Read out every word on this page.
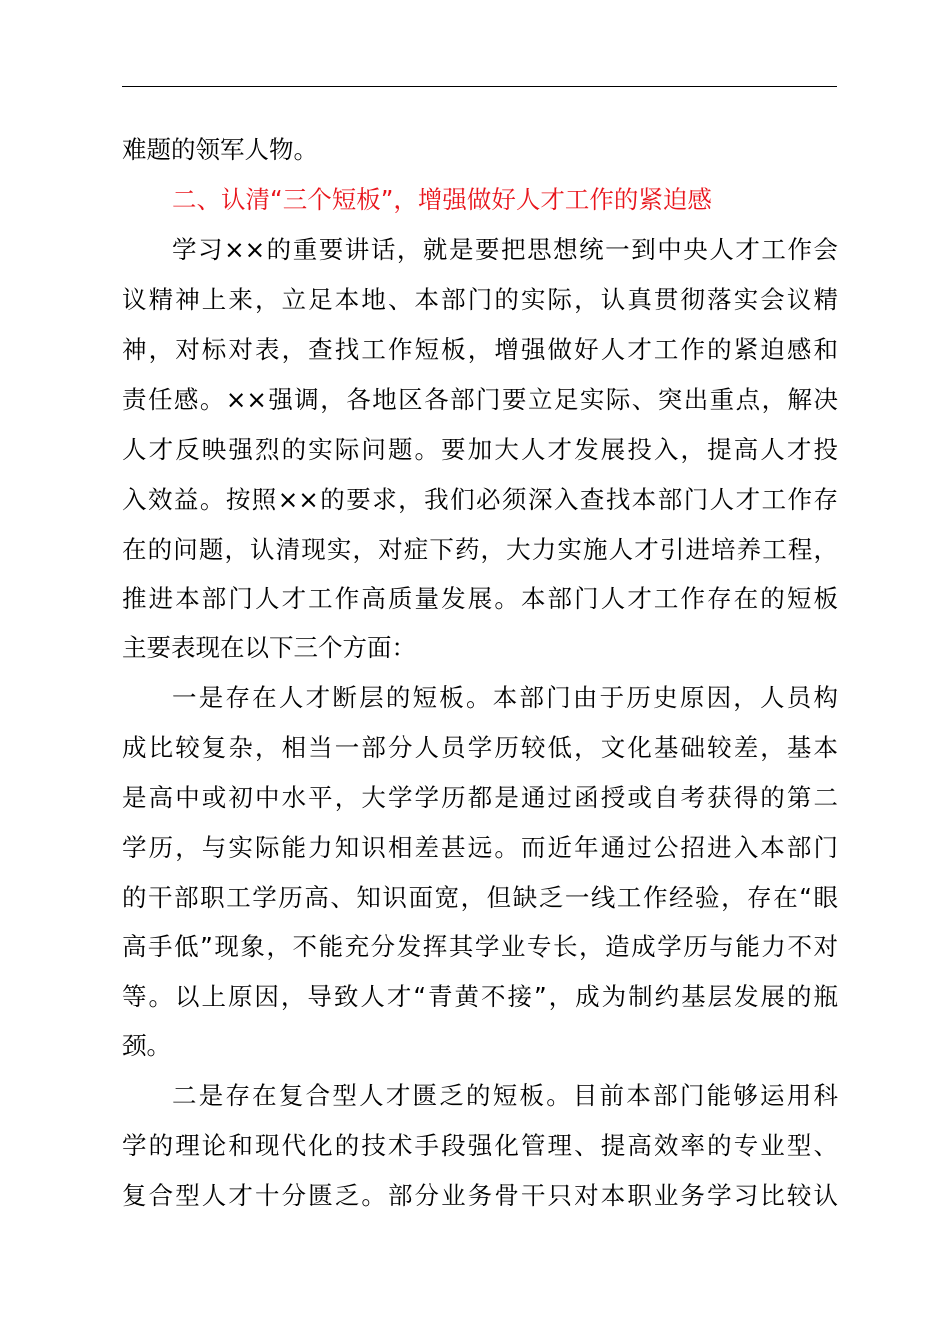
难题的领军人物。
二、认清“三个短板”，增强做好人才工作的紧迫感
学习××的重要讲话，就是要把思想统一到中央人才工作会
议精神上来，立足本地、本部门的实际，认真贯彻落实会议精
神，对标对表，查找工作短板，增强做好人才工作的紧迫感和
责任感。××强调，各地区各部门要立足实际、突出重点，解决
人才反映强烈的实际问题。要加大人才发展投入，提高人才投
入效益。按照××的要求，我们必须深入查找本部门人才工作存
在的问题，认清现实，对症下药，大力实施人才引进培养工程，
推进本部门人才工作高质量发展。本部门人才工作存在的短板
主要表现在以下三个方面：
一是存在人才断层的短板。本部门由于历史原因，人员构
成比较复杂，相当一部分人员学历较低，文化基础较差，基本
是高中或初中水平，大学学历都是通过函授或自考获得的第二
学历，与实际能力知识相差甚远。而近年通过公招进入本部门
的干部职工学历高、知识面宽，但缺乏一线工作经验，存在“眼
高手低”现象，不能充分发挥其学业专长，造成学历与能力不对
等。以上原因，导致人才“青黄不接”，成为制约基层发展的瓶
颈。
二是存在复合型人才匮乏的短板。目前本部门能够运用科
学的理论和现代化的技术手段强化管理、提高效率的专业型、
复合型人才十分匮乏。部分业务骨干只对本职业务学习比较认
